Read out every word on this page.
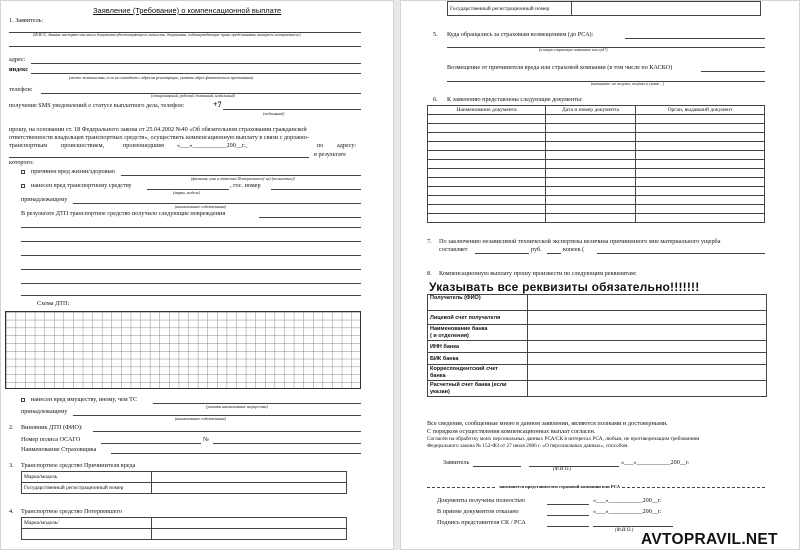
Заявление (Требование) о компенсационной выплате
1. Заявитель:
(Ф.И.О., данные паспорта или иного документа удостоверяющего личность, документы, подтверждающие право представлять интересы потерпевшего)
адрес:
индекс
(место жительства, если не совпадает с адресом регистрации, указать адрес фактического проживания)
телефон:
(стационарный, рабочий, домашний, мобильный)
получение SMS уведомлений о статусе выплатного дела, телефон:	+7
(мобильный)
прошу, на основании ст. 18 Федерального закона от 25.04.2002 №40 «Об обязательном страховании гражданской
ответственности владельцев транспортных средств», осуществить компенсационную выплату в связи с дорожно-
транспортным происшествием,	произошедшим «___»___________200__г.,	по адресу:
в результате
которого:
причинен вред жизни/здоровью
(фамилия, имя и отчество Потерпевшего(-их) (полностью))
нанесен вред транспортному средству	, гос. номер
(марка, модель)
принадлежащему
(наименование собственника)
В результате ДТП транспортное средство получило следующие повреждения
Схема ДТП:
нанесен вред имуществу, иному, чем ТС
(указать наименование имущества)
принадлежащему
(наименование собственника)
2. Виновник ДТП (ФИО):
Номер полиса ОСАГО	№
Наименование Страховщика
3. Транспортное средство Причинителя вреда
Марка/модель	
Государственный регистрационный номер	
4. Транспортное средство Потерпевшего
Марка/модель/	

Государственный регистрационный номер	
5. Куда обращались за страховым возмещением (до РСА):
(в какую страховую компанию или суд?)
Возмещение от причинителя вреда или страховой компании (в том числе по КАСКО)
(напишите: не получал, получал в сумме…)
6. К заявлению представлены следующие документы:
Наименование документа	Дата и номер документа	Орган, выдавший документ

7. По заключению независимой технической экспертизы величина причиненного мне материального ущерба
составляет	руб.	копеек (
8. Компенсационную выплату прошу произвести по следующим реквизитам:
Указывать все реквизиты обязательно!!!!!!!
Получатель (ФИО)	
Лицевой счет получателя	
Наименование банка
( и отделения)	
ИНН банка	
БИК банка	
Корреспондентский счет
банка	
Расчетный счет банка (если
указан)	
Все сведения, сообщенные мною в данном заявлении, являются полными и достоверными.
С порядком осуществления компенсационных выплат согласен.
Согласен на обработку моих персональных данных РСА/СК в интересах РСА, любым, не противоречащим требованиям
Федерального закона № 152-ФЗ от 27 июля 2006 г. «О персональных данных», способом.
Заявитель
(Ф.И.О.)
«___»___________200__г.
заполняется представителем страховой компании или РСА
Документы получены полностью	«___»___________200__г.
В приеме документов отказано	«___»___________200__г.
Подпись представителя СК / РСА
(Ф.И.О.)
AVTOPRAVIL.NET
